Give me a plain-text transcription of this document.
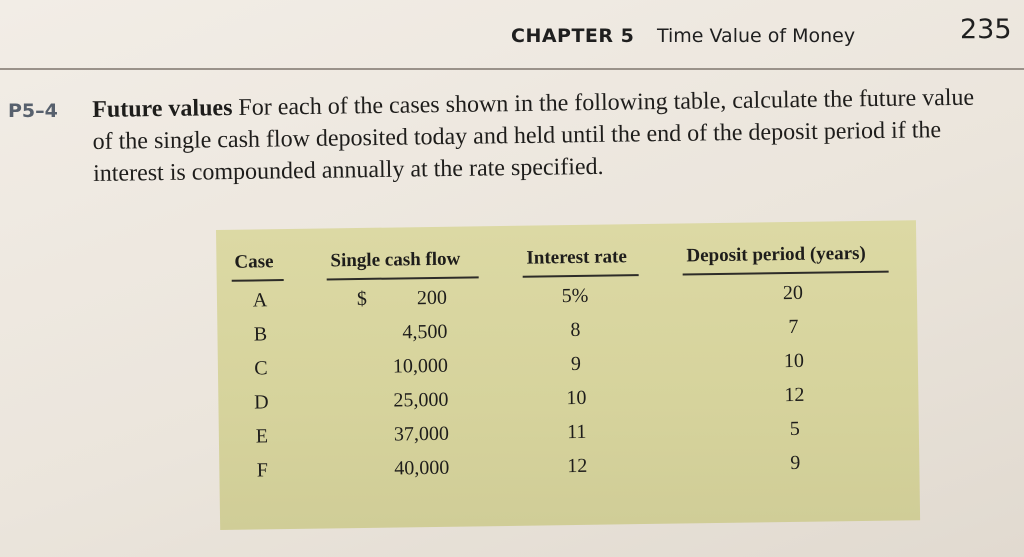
CHAPTER 5 Time Value of Money	235
P5–4 Future values For each of the cases shown in the following table, calculate the future value of the single cash flow deposited today and held until the end of the deposit period if the interest is compounded annually at the rate specified.
Case	Single cash flow	Interest rate	Deposit period (years)
A	$	200	5%	20
B	4,500	8	7
C	10,000	9	10
D	25,000	10	12
E	37,000	11	5
F	40,000	12	9
